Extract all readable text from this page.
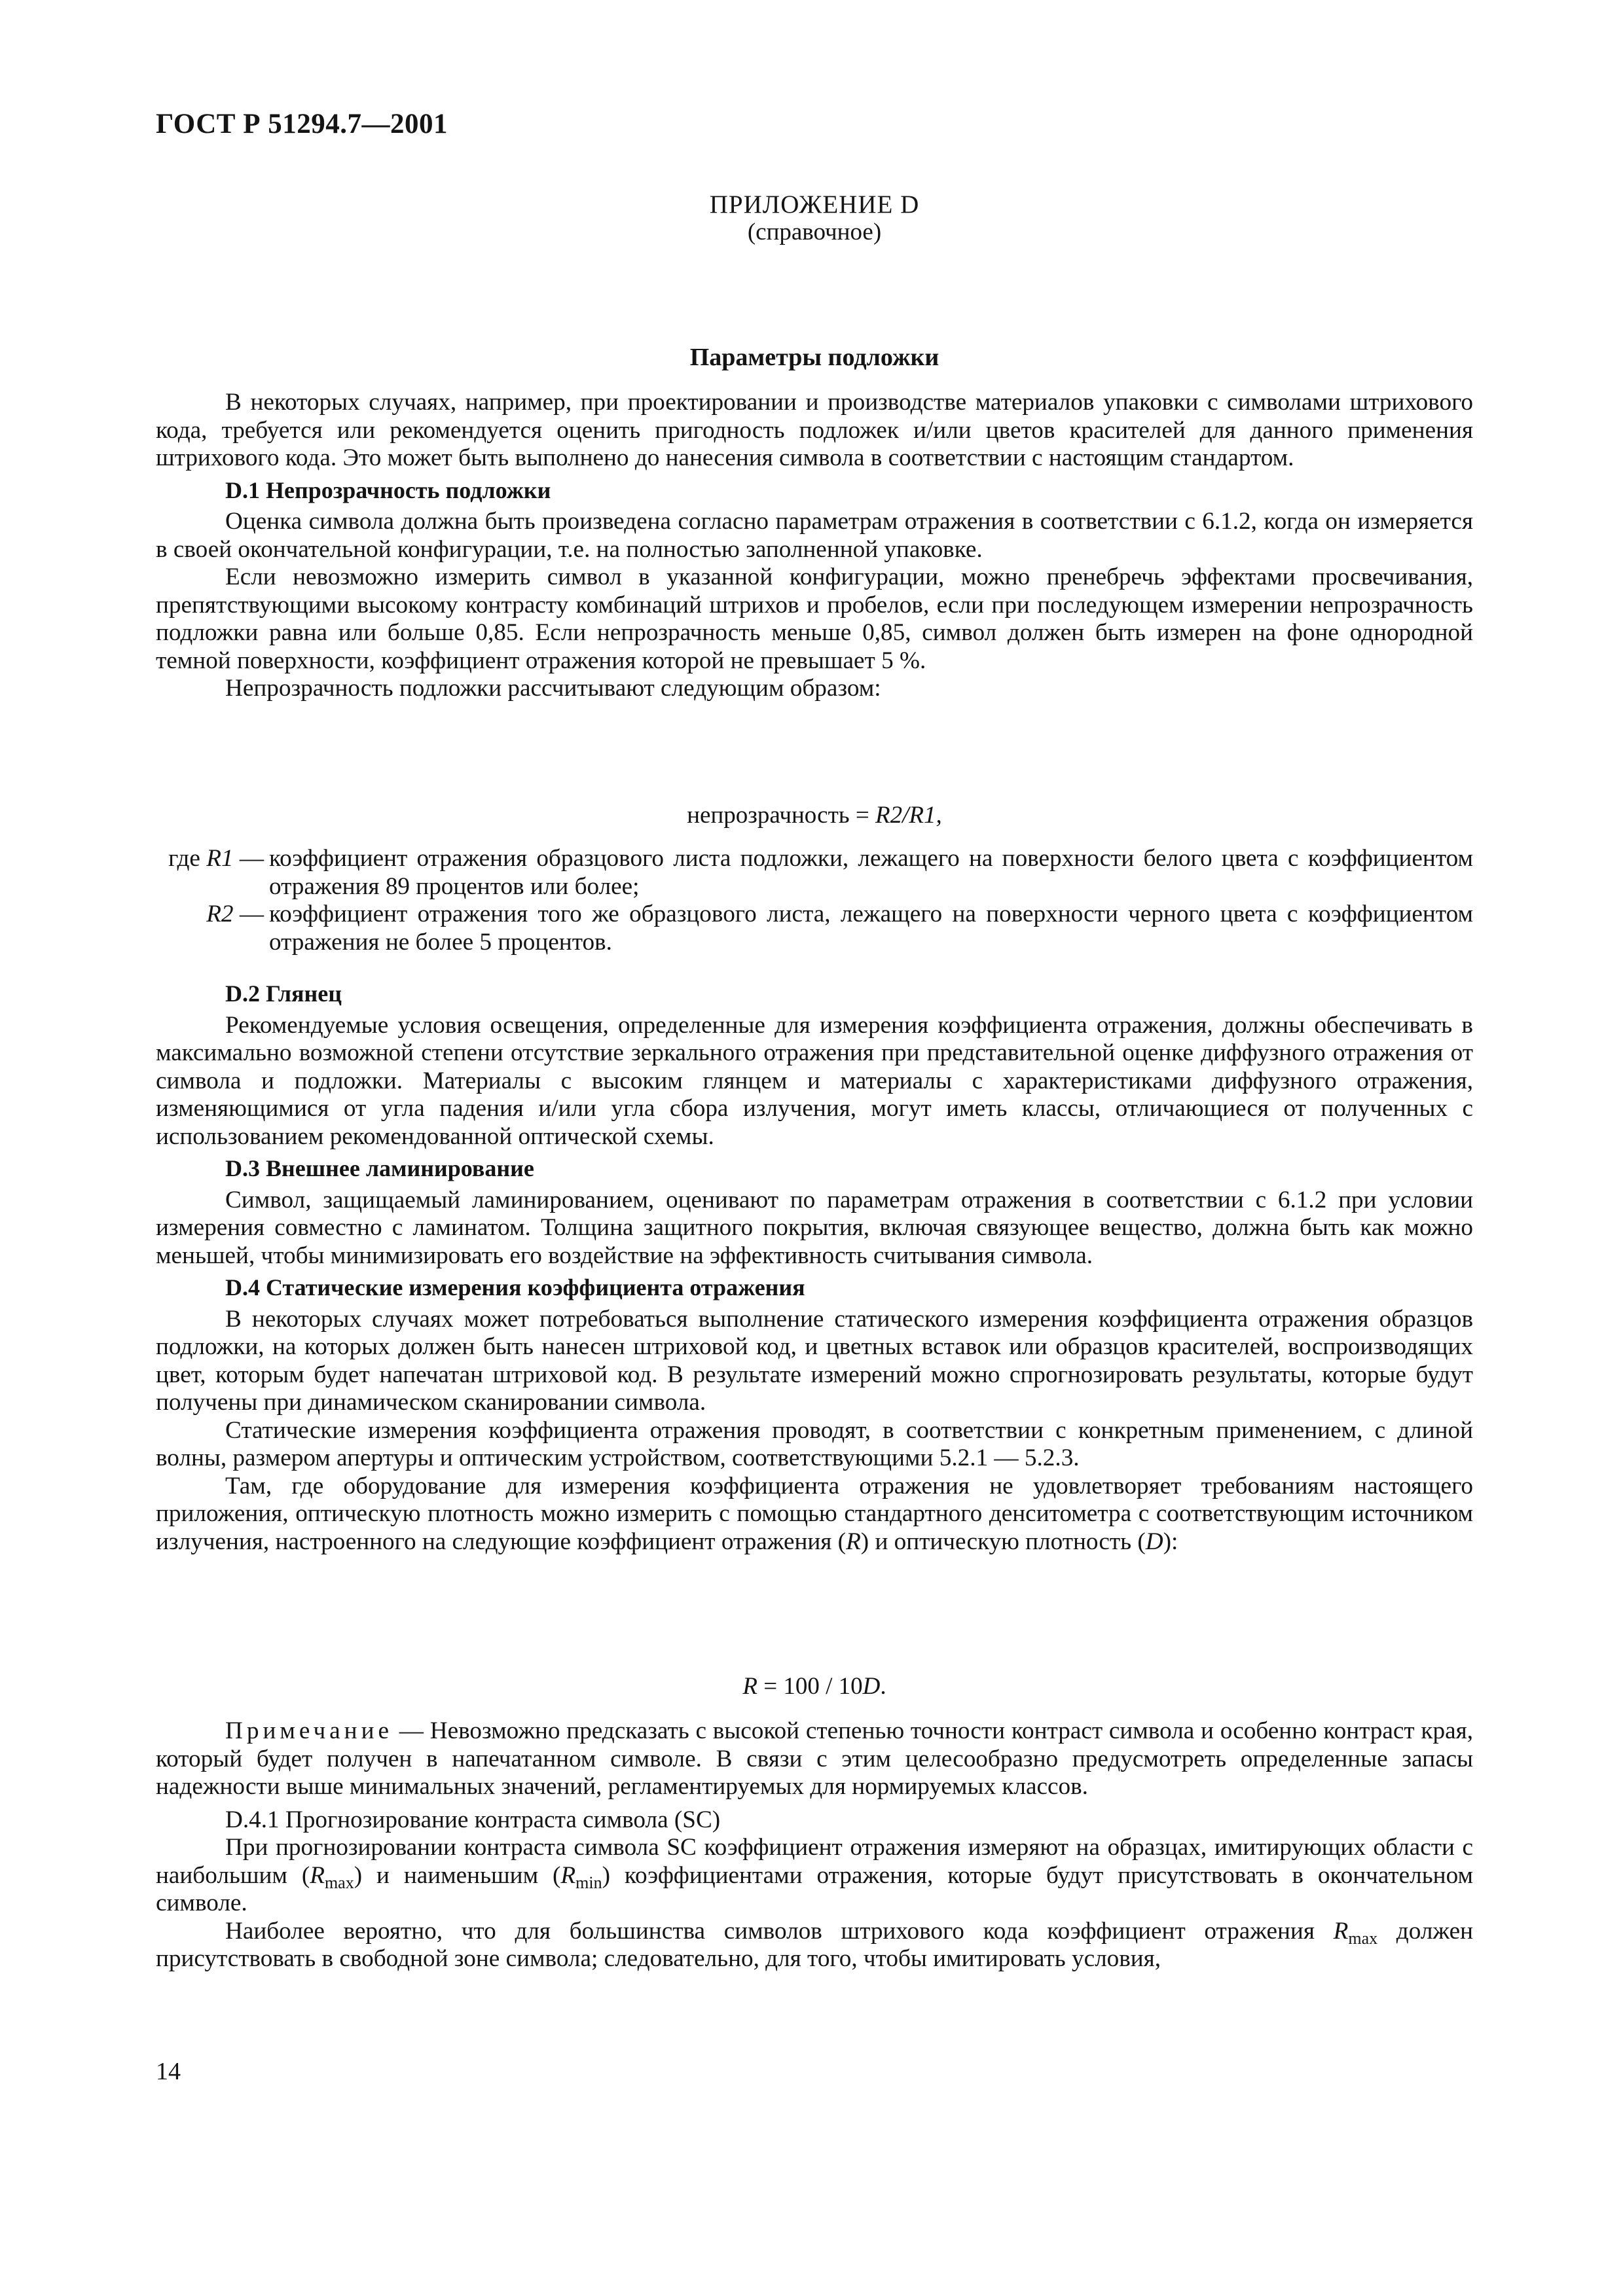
ГОСТ Р 51294.7—2001
ПРИЛОЖЕНИЕ D
(справочное)
Параметры подложки

В некоторых случаях, например, при проектировании и производстве материалов упаковки с символами штрихового кода, требуется или рекомендуется оценить пригодность подложек и/или цветов красителей для данного применения штрихового кода. Это может быть выполнено до нанесения символа в соответствии с настоящим стандартом.

D.1 Непрозрачность подложки

Оценка символа должна быть произведена согласно параметрам отражения в соответствии с 6.1.2, когда он измеряется в своей окончательной конфигурации, т.е. на полностью заполненной упаковке.

Если невозможно измерить символ в указанной конфигурации, можно пренебречь эффектами просвечивания, препятствующими высокому контрасту комбинаций штрихов и пробелов, если при последующем измерении непрозрачность подложки равна или больше 0,85. Если непрозрачность меньше 0,85, символ должен быть измерен на фоне однородной темной поверхности, коэффициент отражения которой не превышает 5 %.

Непрозрачность подложки рассчитывают следующим образом:

непрозрачность = R2/R1,
где R1 — коэффициент отражения образцового листа подложки, лежащего на поверхности белого цвета с коэффициентом отражения 89 процентов или более;
R2 — коэффициент отражения того же образцового листа, лежащего на поверхности черного цвета с коэффициентом отражения не более 5 процентов.
D.2 Глянец

Рекомендуемые условия освещения, определенные для измерения коэффициента отражения, должны обеспечивать в максимально возможной степени отсутствие зеркального отражения при представительной оценке диффузного отражения от символа и подложки. Материалы с высоким глянцем и материалы с характеристиками диффузного отражения, изменяющимися от угла падения и/или угла сбора излучения, могут иметь классы, отличающиеся от полученных с использованием рекомендованной оптической схемы.

D.3 Внешнее ламинирование

Символ, защищаемый ламинированием, оценивают по параметрам отражения в соответствии с 6.1.2 при условии измерения совместно с ламинатом. Толщина защитного покрытия, включая связующее вещество, должна быть как можно меньшей, чтобы минимизировать его воздействие на эффективность считывания символа.

D.4 Статические измерения коэффициента отражения

В некоторых случаях может потребоваться выполнение статического измерения коэффициента отражения образцов подложки, на которых должен быть нанесен штриховой код, и цветных вставок или образцов красителей, воспроизводящих цвет, которым будет напечатан штриховой код. В результате измерений можно спрогнозировать результаты, которые будут получены при динамическом сканировании символа.

Статические измерения коэффициента отражения проводят, в соответствии с конкретным применением, с длиной волны, размером апертуры и оптическим устройством, соответствующими 5.2.1 — 5.2.3.

Там, где оборудование для измерения коэффициента отражения не удовлетворяет требованиям настоящего приложения, оптическую плотность можно измерить с помощью стандартного денситометра с соответствующим источником излучения, настроенного на следующие коэффициент отражения (R) и оптическую плотность (D):

R = 100 / 10D.

Примечание — Невозможно предсказать с высокой степенью точности контраст символа и особенно контраст края, который будет получен в напечатанном символе. В связи с этим целесообразно предусмотреть определенные запасы надежности выше минимальных значений, регламентируемых для нормируемых классов.

D.4.1 Прогнозирование контраста символа (SC)

При прогнозировании контраста символа SC коэффициент отражения измеряют на образцах, имитирующих области с наибольшим $(R_{max})$ и наименьшим $(R_{min})$ коэффициентами отражения, которые будут присутствовать в окончательном символе.

Наиболее вероятно, что для большинства символов штрихового кода коэффициент отражения $R_{max}$ должен присутствовать в свободной зоне символа; следовательно, для того, чтобы имитировать условия,

14
